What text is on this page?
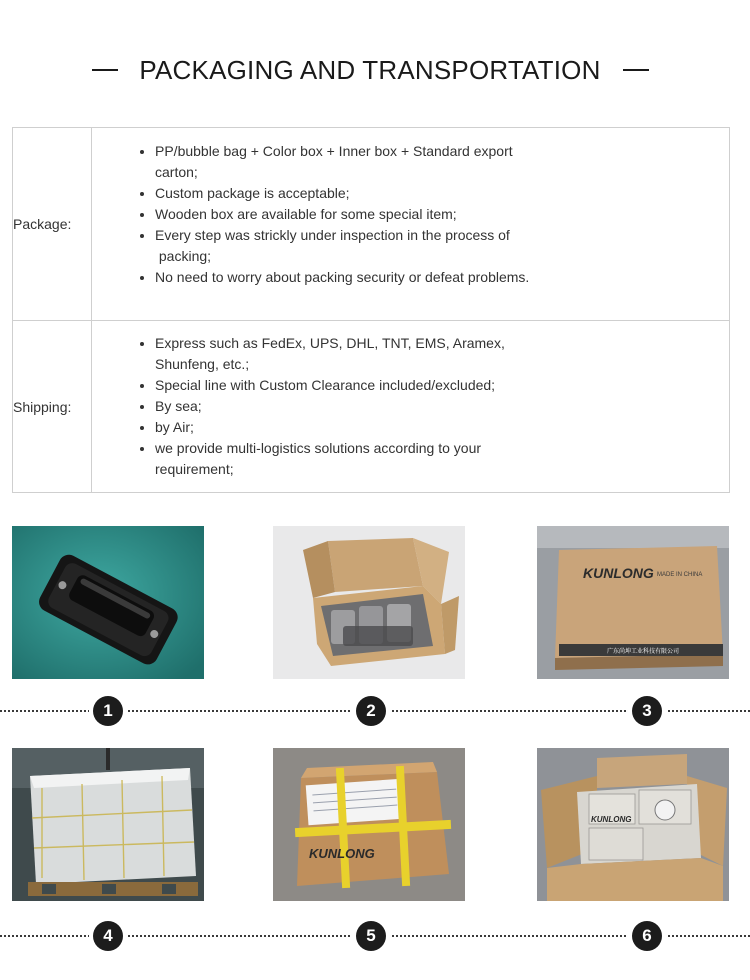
PACKAGING AND TRANSPORTATION
Package:
PP/bubble bag + Color box + Inner box + Standard export carton;
Custom package is acceptable;
Wooden box are available for some special item;
Every step was strickly under inspection in the process of  packing;
No need to worry about packing security or defeat problems.
Shipping:
Express such as FedEx, UPS, DHL, TNT, EMS, Aramex, Shunfeng, etc.;
Special line with Custom Clearance included/excluded;
By sea;
by Air;
we provide multi-logistics solutions according to your requirement;
KUNLONG MADE IN CHINA
广东尚坤工业科技有限公司
1	2	3
KUNLONG
KUNLONG
4	5	6
